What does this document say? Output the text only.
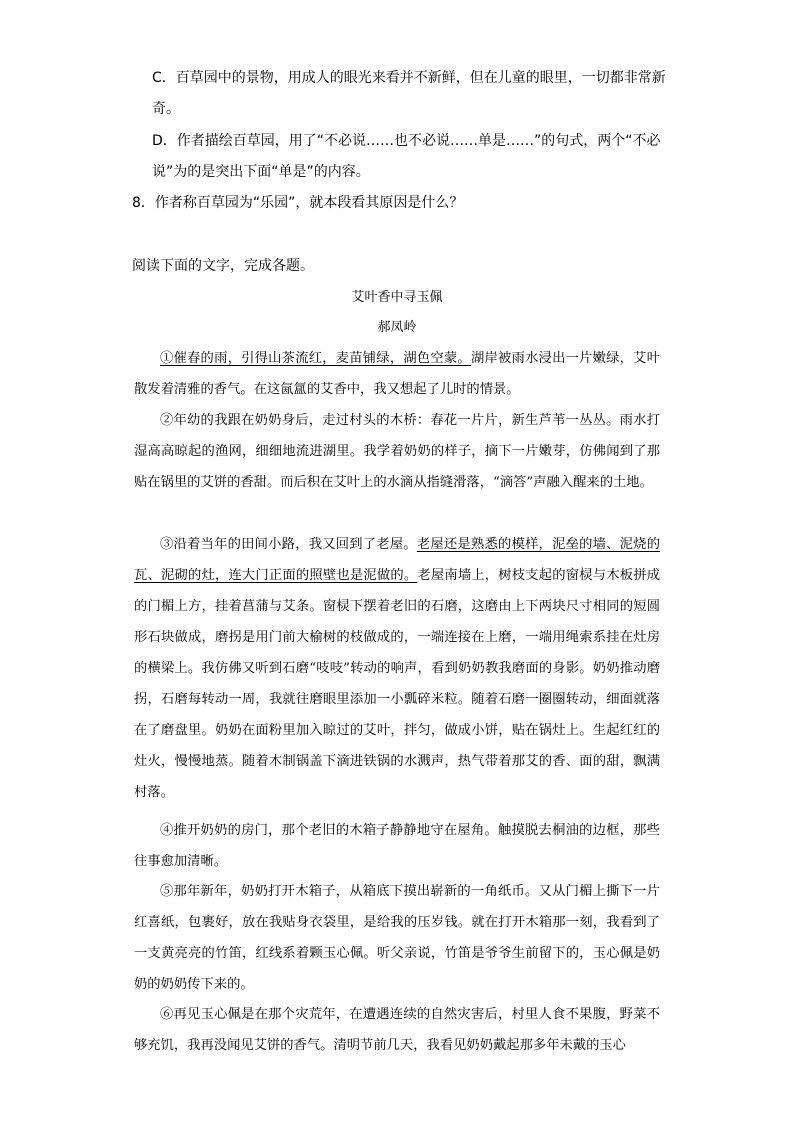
C．百草园中的景物，用成人的眼光来看并不新鲜，但在儿童的眼里，一切都非常新
奇。
D．作者描绘百草园，用了“不必说……也不必说……单是……”的句式，两个“不必
说”为的是突出下面“单是”的内容。
8．作者称百草园为“乐园”，就本段看其原因是什么？
阅读下面的文字，完成各题。
艾叶香中寻玉佩
郝凤岭
①催春的雨，引得山茶流红，麦苗铺绿，湖色空蒙。湖岸被雨水浸出一片嫩绿，艾叶散发着清雅的香气。在这氤氲的艾香中，我又想起了儿时的情景。
②年幼的我跟在奶奶身后，走过村头的木桥：春花一片片，新生芦苇一丛丛。雨水打湿高高晾起的渔网，细细地流进湖里。我学着奶奶的样子，摘下一片嫩芽，仿佛闻到了那贴在锅里的艾饼的香甜。而后积在艾叶上的水滴从指缝滑落，“滴答”声融入醒来的土地。
③沿着当年的田间小路，我又回到了老屋。老屋还是熟悉的模样，泥垒的墙、泥烧的瓦、泥砌的灶，连大门正面的照壁也是泥做的。老屋南墙上，树枝支起的窗棂与木板拼成的门楣上方，挂着菖蒲与艾条。窗棂下摆着老旧的石磨，这磨由上下两块尺寸相同的短圆形石块做成，磨拐是用门前大榆树的枝做成的，一端连接在上磨，一端用绳索系挂在灶房的横梁上。我仿佛又听到石磨“吱吱”转动的响声，看到奶奶教我磨面的身影。奶奶推动磨拐，石磨每转动一周，我就往磨眼里添加一小瓢碎米粒。随着石磨一圈圈转动，细面就落在了磨盘里。奶奶在面粉里加入晾过的艾叶，拌匀，做成小饼，贴在锅灶上。生起红红的灶火，慢慢地蒸。随着木制锅盖下滴进铁锅的水溅声，热气带着那艾的香、面的甜，飘满村落。
④推开奶奶的房门，那个老旧的木箱子静静地守在屋角。触摸脱去桐油的边框，那些往事愈加清晰。
⑤那年新年，奶奶打开木箱子，从箱底下摸出崭新的一角纸币。又从门楣上撕下一片红喜纸，包裹好，放在我贴身衣袋里，是给我的压岁钱。就在打开木箱那一刻，我看到了一支黄亮亮的竹笛，红线系着颗玉心佩。听父亲说，竹笛是爷爷生前留下的，玉心佩是奶奶的奶奶传下来的。
⑥再见玉心佩是在那个灾荒年，在遭遇连续的自然灾害后，村里人食不果腹，野菜不够充饥，我再没闻见艾饼的香气。清明节前几天，我看见奶奶戴起那多年未戴的玉心
